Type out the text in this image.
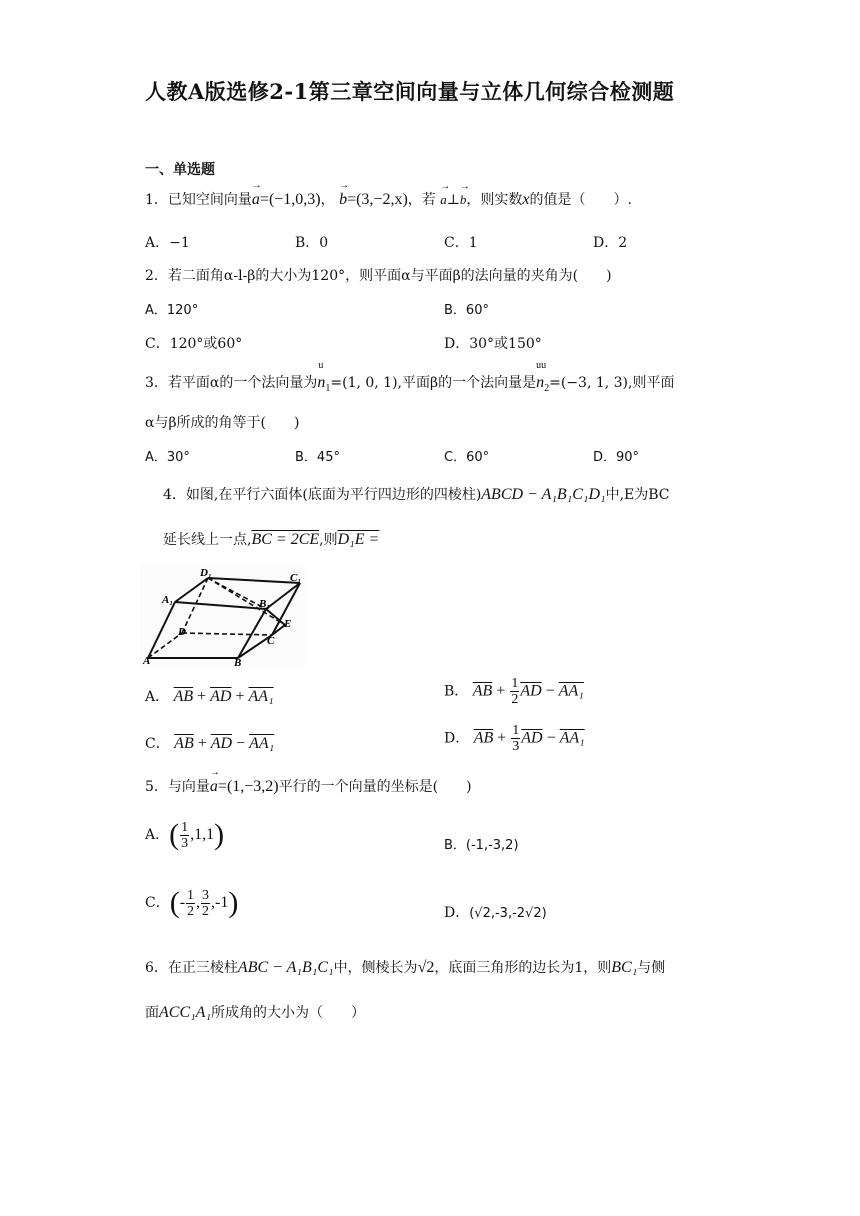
人教A版选修2-1第三章空间向量与立体几何综合检测题
一、单选题
1．已知空间向量→ a=(−1,0,3)， → b=(3,−2,x)，若 → a⊥→ b，则实数x的值是（　　）.
A．−1	B．0	C．1	D．2
2．若二面角α-l-β的大小为120°，则平面α与平面β的法向量的夹角为(　　)
A．120°	B．60°
C．120°或60°	D．30°或150°
3．若平面α的一个法向量为
u
$n_1=(1$, 0, 1),平面β的一个法向量是
uu
$n_2=(-3$, 1, 3),则平面
α与β所成的角等于(　　)
A．30°	B．45°	C．60°	D．90°
4．如图,在平行六面体(底面为平行四边形的四棱柱)ABCD − A₁B₁C₁D₁中,E为BC
延长线上一点,BC = 2CE,则D₁E =
D₁	C₁
A₁	B₁
D
E
C
A	B
A． $\overline{AB} + \overline{AD} + AA_1$	B． $\overline{AB} + \frac{1}{2} \overline{AD} - AA_1$
C． $\overline{AB} + \overline{AD} - AA_1$	D． $\overline{AB} + \frac{1}{3} \overline{AD} - AA_1$
5．与向量→ a=(1,−3,2)平行的一个向量的坐标是(　　)
A．( $\frac{1}{3} ,1,1$)	B．(-1,-3,2)
C．(- $\frac{1}{2}$ , $\frac{3}{2} ,-1$)	D．(√2,-3,-2√2)
6．在正三棱柱ABC − A₁B₁C₁中，侧棱长为√2，底面三角形的边长为1，则BC₁与侧
面ACC₁A₁所成角的大小为（　　）
